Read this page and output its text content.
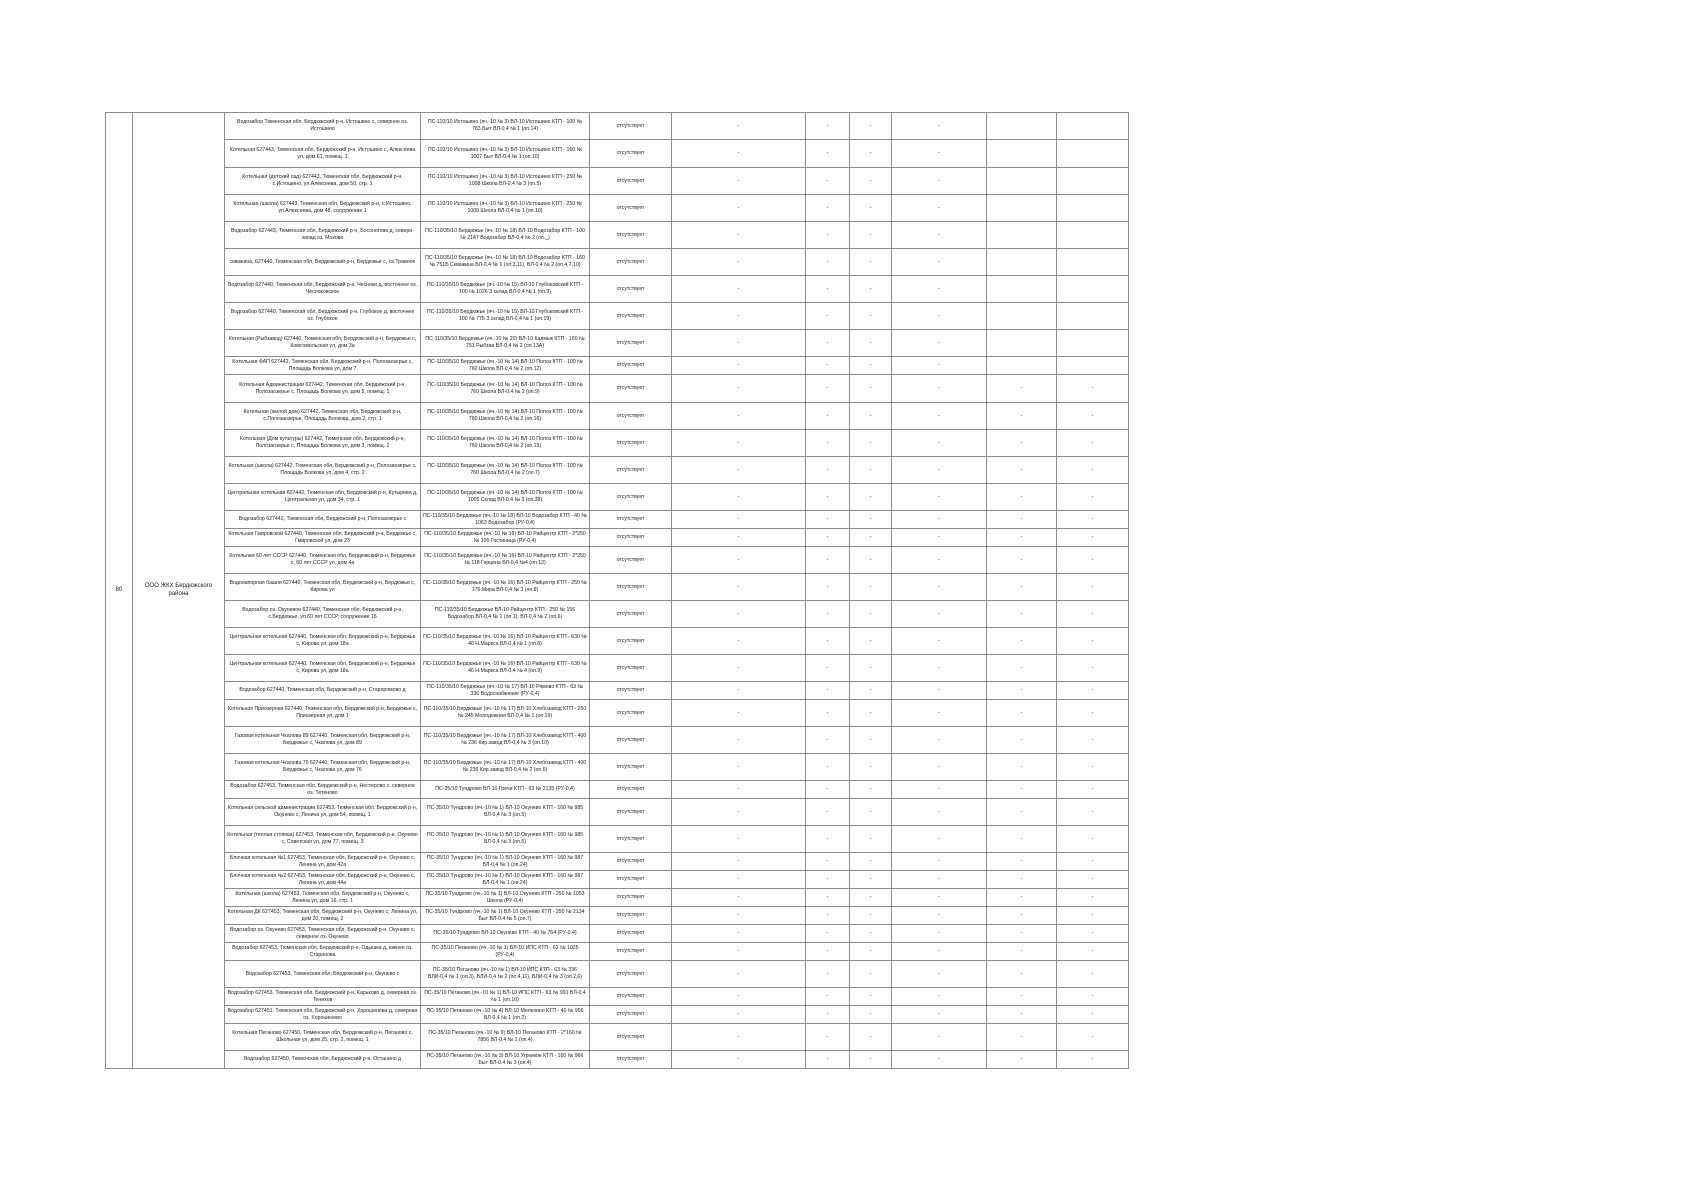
80	ООО ЖКХ Бердюжского района	Водозабор Тюменская обл, Бердюжский р-н, Истошино с, северное оз. Истошино	ПС-110/10 Истошино (яч.-10 № 3) ВЛ-10 Истошино КТП - 100 № 783 Быт ВЛ-0,4 № 1 (оп.14)	отсутствует	-	-	-	-		
		Котельная 627443, Тюменская обл, Бердюжский р-н, Истошино с, Алексеева ул, дом 61, помещ. 1	ПС-110/10 Истошино (яч.-10 № 3) ВЛ-10 Истошино КТП - 160 № 1007 Быт ВЛ-0,4 № 1 (оп.10)	отсутствует	-	-	-	-		
		Котельная (детский сад) 627443, Тюменская обл, Бердюжский р-н, с.Истошино, ул.Алексеева, дом 50, стр. 1	ПС-110/10 Истошино (яч.-10 № 3) ВЛ-10 Истошино КТП - 250 № 1008 Школа ВЛ-0,4 № 3 (оп.5)	отсутствует	-	-	-	-		
		Котельная (школа) 627443, Тюменская обл, Бердюжский р-н, с.Истошино, ул.Алексеева, дом 48, сооружение 1	ПС-110/10 Истошино (яч.-10 № 3) ВЛ-10 Истошино КТП - 250 № 1008 Школа ВЛ-0,4 № 1 (оп.10)	отсутствует	-	-	-	-		
		Водозабор 627443, Тюменская обл, Бердюжский р-н, Босоногова д, северо-запад.оз. Мохово	ПС-110/35/10 Бердюжье (яч.-10 № 18) ВЛ-10 Водозабор КТП - 100 № 2147 Водозабор ВЛ-0,4 № 2 (оп._)	отсутствует	-	-	-	-		
		скважина, 627440, Тюменская обл, Бердюжский р-н, Бердюжье с, оз.Травное	ПС-110/35/10 Бердюжье (яч.-10 № 18) ВЛ-10 Водозабор КТП - 160 № 751Б Скважина ВЛ-0,4 № 1 (оп.3,11), ВЛ-0,4 № 2 (оп.4,7,10)	отсутствует	-	-	-	-		
		Водозабор 627440, Тюменская обл, Бердюжский р-н, Чесноки д, восточнее оз. Чесноковское	ПС-110/35/10 Бердюжье (яч.-10 № 15) ВЛ-10 Глубоковский КТП - 100 № 1026 З.склад ВЛ-0,4 № 1 (оп.9)	отсутствует	-	-	-	-		
		Водозабор 627440, Тюменская обл, Бердюжский р-н, Глубокое д, восточнее оз. Глубокое	ПС-110/35/10 Бердюжье (яч.-10 № 15) ВЛ-10 Глубоковский КТП - 100 № 775 З.склад ВЛ-0,4 № 1 (оп.19)	отсутствует	-	-	-	-		
		Котельная (Рыбзавод) 627440, Тюменская обл, Бердюжский р-н, Бердюжье с, Комсомольская ул, дом 3а	ПС-110/35/10 Бердюжье (яч.-10 № 20) ВЛ-10 Калмык КТП - 160 № 751 Рыбзав ВЛ-0,4 № 2 (оп.13А)	отсутствует	-	-	-	-		
		Котельная ФАП 627442, Тюменская обл, Бердюжский р-н, Полозаозерье с, Площадь Волкова ул, дом 7	ПС-110/35/10 Бердюжье (яч.-10 № 14) ВЛ-10 Полоз КТП - 100 № 760 Школа ВЛ-0,4 № 2 (оп.12)	отсутствует	-	-	-	-		
		Котельная Администрации 627442, Тюменская обл, Бердюжский р-н, Полозаозерье с, Площадь Волкова ул, дом 5, помещ. 1	ПС-110/35/10 Бердюжье (яч.-10 № 14) ВЛ-10 Полоз КТП - 100 № 760 Школа ВЛ-0,4 № 2 (оп.9)	отсутствует	-	-	-	-	-	-
		Котельная (жилой дом) 627442, Тюменская обл, Бердюжский р-н, с.Полозаозерье, Площадь Волкова, дом 2, стр. 1	ПС-110/35/10 Бердюжье (яч.-10 № 14) ВЛ-10 Полоз КТП - 100 № 760 Школа ВЛ-0,4 № 2 (оп.16)	отсутствует	-	-	-	-	-	-
		Котельная (Дом культуры) 627442, Тюменская обл, Бердюжский р-н, Полозаозерье с, Площадь Волкова ул, дом 3, помещ. 2	ПС-110/35/10 Бердюжье (яч.-10 № 14) ВЛ-10 Полоз КТП - 100 № 760 Школа ВЛ-0,4 № 2 (оп.19)	отсутствует	-	-	-	-	-	-
		Котельная (школа) 627442, Тюменская обл, Бердюжский р-н, Полозаозерье с, Площадь Волкова ул, дом 4, стр. 2	ПС-110/35/10 Бердюжье (яч.-10 № 14) ВЛ-10 Полоз КТП - 100 № 760 Школа ВЛ-0,4 № 2 (оп.7)	отсутствует	-	-	-	-	-	-
		Центральная котельная 627442, Тюменская обл, Бердюжский р-н, Кутырева д, Центральная ул, дом 34, стр. 1	ПС-110/35/10 Бердюжье (яч.-10 № 14) ВЛ-10 Полоз КТП - 100 № 1005 Склад ВЛ-0,4 № 3 (оп.38)	отсутствует	-	-	-	-	-	-
		Водозабор 627442, Тюменская обл, Бердюжский р-н, Полозаозерье с	ПС-110/35/10 Бердюжье (яч.-10 № 18) ВЛ-10 Водозабор КТП - 40 № 1063 Водозабор (РУ-0,4)	отсутствует	-	-	-	-	-	-
		Котельная Гмировской 627440, Тюменская обл, Бердюжский р-н, Бердюжье с, Гмировской ул, дом 23	ПС-110/35/10 Бердюжье (яч.-10 № 16) ВЛ-10 Райцентр КТП - 2*250 № 106 Гостиница (РУ-0,4)	отсутствует	-	-	-	-	-	-
		Котельная 60 лет СССР 627440, Тюменская обл, Бердюжский р-н, Бердюжье с, 60 лет СССР ул, дом 4а	ПС-110/35/10 Бердюжье (яч.-10 № 16) ВЛ-10 Райцентр КТП - 2*250 № 118 Герцена ВЛ-0,4 №4 (оп.12)	отсутствует	-	-	-	-	-	-
		Водонапорная башня 627440, Тюменская обл, Бердюжский р-н, Бердюжье с, Кирова ул	ПС-110/35/10 Бердюжье (яч.-10 № 16) ВЛ-10 Райцентр КТП - 250 № 176 Мира ВЛ-0,4 № 3 (оп.8)	отсутствует	-	-	-	-	-	-
		Водозабор оз. Окуневое 627440, Тюменская обл, Бердюжский р-н, с.Бердюжье, ул.60 лет СССР, сооружение 16	ПС-110/35/10 Бердюжье ВЛ-10 Райцентр КТП - 250 № 156 Водозабор ВЛ-0,4 № 1 (оп.1), ВЛ-0,4 № 2 (оп.6)	отсутствует	-	-	-	-	-	-
		Центральная котельная 627440, Тюменская обл, Бердюжский р-н, Бердюжье с, Кирова ул, дом 18а	ПС-110/35/10 Бердюжье (яч.-10 № 16) ВЛ-10 Райцентр КТП - 630 № 46 Н.Маркса ВЛ-0,4 № 1 (оп.6)	отсутствует	-	-	-	-	-	-
		Центральная котельная 627440, Тюменская обл, Бердюжский р-н, Бердюжье с, Кирова ул, дом 18а	ПС-110/35/10 Бердюжье (яч.-10 № 16) ВЛ-10 Райцентр КТП - 630 № 46 Н.Маркса ВЛ-0,4 № 4 (оп.9)	отсутствует	-	-	-	-	-	-
		Водозабор 627440, Тюменская обл, Бердюжский р-н, Старорямово д	ПС-110/35/10 Бердюжье (яч.-10 № 17) ВЛ-10 Рямово КТП - 63 № 336 Водоснабжение (РУ-0,4)	отсутствует	-	-	-	-	-	-
		Котельная Приозерная 627440, Тюменская обл, Бердюжский р-н, Бердюжье с, Приозерная ул, дом 1	ПС-110/35/10 Бердюжье (яч.-10 № 17) ВЛ-10 Хлебозавод КТП - 250 № 245 Молодежная ВЛ-0,4 № 1 (оп.19)	отсутствует	-	-	-	-	-	-
		Газовая котельная Чкалова 89 627440, Тюменская обл, Бердюжский р-н, Бердюжье с, Чкалова ул, дом 89	ПС-110/35/10 Бердюжье (яч.-10 № 17) ВЛ-10 Хлебозавод КТП - 400 № 236 Кир.завод ВЛ-0,4 № 3 (оп.10)	отсутствует	-	-	-	-	-	-
		Газовая котельная Чкалова 76 627440, Тюменская обл, Бердюжский р-н, Бердюжье с, Чкалова ул, дом 76	ПС-110/35/10 Бердюжье (яч.-10 № 17) ВЛ-10 Хлебозавод КТП - 400 № 236 Кир.завод ВЛ-0,4 № 2 (оп.6)	отсутствует	-	-	-	-	-	-
		Водозабор 627453, Тюменская обл, Бердюжский р-н, Нестерово с, северное оз. Тетеново	ПС-35/10 Тундрово ВЛ-10 Гречи КТП - 63 № 2135 (РУ-0,4)	отсутствует	-	-	-	-	-	-
		Котельная сельской администрации 627453, Тюменская обл, Бердюжский р-н, Окунево с, Ленина ул, дом 54, помещ. 1	ПС-35/10 Тундрово (яч.-10 № 1) ВЛ-10 Окунево КТП - 160 № 985 ВЛ-0,4 № 3 (оп.5)	отсутствует	-	-	-	-	-	-
		Котельная (теплая стоянка) 627453, Тюменская обл, Бердюжский р-н, Окунево с, Советская ул, дом 77, помещ. 3	ПС-35/10 Тундрово (яч.-10 № 1) ВЛ-10 Окунево КТП - 160 № 985 ВЛ-0,4 № 3 (оп.5)	отсутствует	-	-	-	-	-	-
		Блочная котельная №1 627453, Тюменская обл, Бердюжский р-н, Окунево с, Ленина ул, дом 42а	ПС-35/10 Тундрово (яч.-10 № 1) ВЛ-10 Окунево КТП - 160 № 987 ВЛ-0,4 № 1 (оп.24)	отсутствует	-	-	-	-	-	-
		Блочная котельная №2 627453, Тюменская обл, Бердюжский р-н, Окунево с, Ленина ул, дом 44а	ПС-35/10 Тундрово (яч.-10 № 1) ВЛ-10 Окунево КТП - 160 № 987 ВЛ-0,4 № 1 (оп.24)	отсутствует	-	-	-	-	-	-
		Котельная (школа) 627453, Тюменская обл, Бердюжский р-н, Окунево с, Ленина ул, дом 16, стр. 1	ПС-35/10 Тундрово (яч.-10 № 1) ВЛ-10 Окунево КТП - 250 № 1053 Школа (РУ-0,4)	отсутствует	-	-	-	-	-	-
		Котельная ДК 627453, Тюменская обл, Бердюжский р-н, Окунево с, Ленина ул, дом 20, помещ. 2	ПС-35/10 Тундрово (яч.-10 № 1) ВЛ-10 Окунево КТП - 250 № 2134 Быт ВЛ-0,4 № 5 (оп.7)	отсутствует	-	-	-	-	-	-
		Водозабор оз. Окунево 627453, Тюменская обл, Бердюжский р-н, Окунево с, северное оз. Окунево	ПС-35/10 Тундрово ВЛ-10 Окунево КТП - 40 № 764 (РУ-0,4)	отсутствует	-	-	-	-	-	-
		Водозабор 627453, Тюменская обл, Бердюжский р-н, Одышка д, южнее оз. Старанова	ПС-35/10 Пеганово (яч.-10 № 1) ВЛ-10 ИПС КТП - 63 № 1025 (РУ-0,4)	отсутствует	-	-	-	-	-	-
		Водозабор 627453, Тюменская обл, Бердюжский р-н, Окунево с	ПС-35/10 Пеганово (яч.-10 № 1) ВЛ-10 ИПС КТП - 63 № 336 ВЛИ-0,4 № 1 (оп.3), ВЛИ-0,4 № 2 (оп.4,11), ВЛИ-0,4 № 3 (оп.2,6)	отсутствует	-	-	-	-	-	-
		Водозабор 627453, Тюменская обл, Бердюжский р-н, Карьково д, северная оз. Тенихов	ПС-35/10 Пеганово (яч.-10 № 1) ВЛ-10 ИПС КТП - 63 № 991 ВЛ-0,4 № 1 (оп.10)	отсутствует	-	-	-	-	-	-
		Водозабор 627451, Тюменская обл, Бердюжский р-н, Хорошенева д, северная оз. Хорошенево	ПС-35/10 Пеганово (яч.-10 № 4) ВЛ-10 Мелехино КТП - 40 № 956 ВЛ-0,4 № 1 (оп.2)	отсутствует	-	-	-	-	-	-
		Котельная Пеганово 627450, Тюменская обл, Бердюжский р-н, Пеганово с, Школьная ул, дом 25, стр. 2, помещ. 1	ПС-35/10 Пеганово (яч.-10 № 9) ВЛ-10 Пеганово КТП - 2*160 № 7856 ВЛ-0,4 № 1 (оп.4)	отсутствует	-	-	-	-	-	-
		Водозабор 627450, Тюменская обл, Бердюжский р-н, Останино д	ПС-35/10 Пеганово (яч.-10 № 3) ВЛ-10 Угрюмое КТП - 160 № 966 Быт ВЛ-0,4 № 3 (оп.4)	отсутствует	-	-	-	-	-	-
